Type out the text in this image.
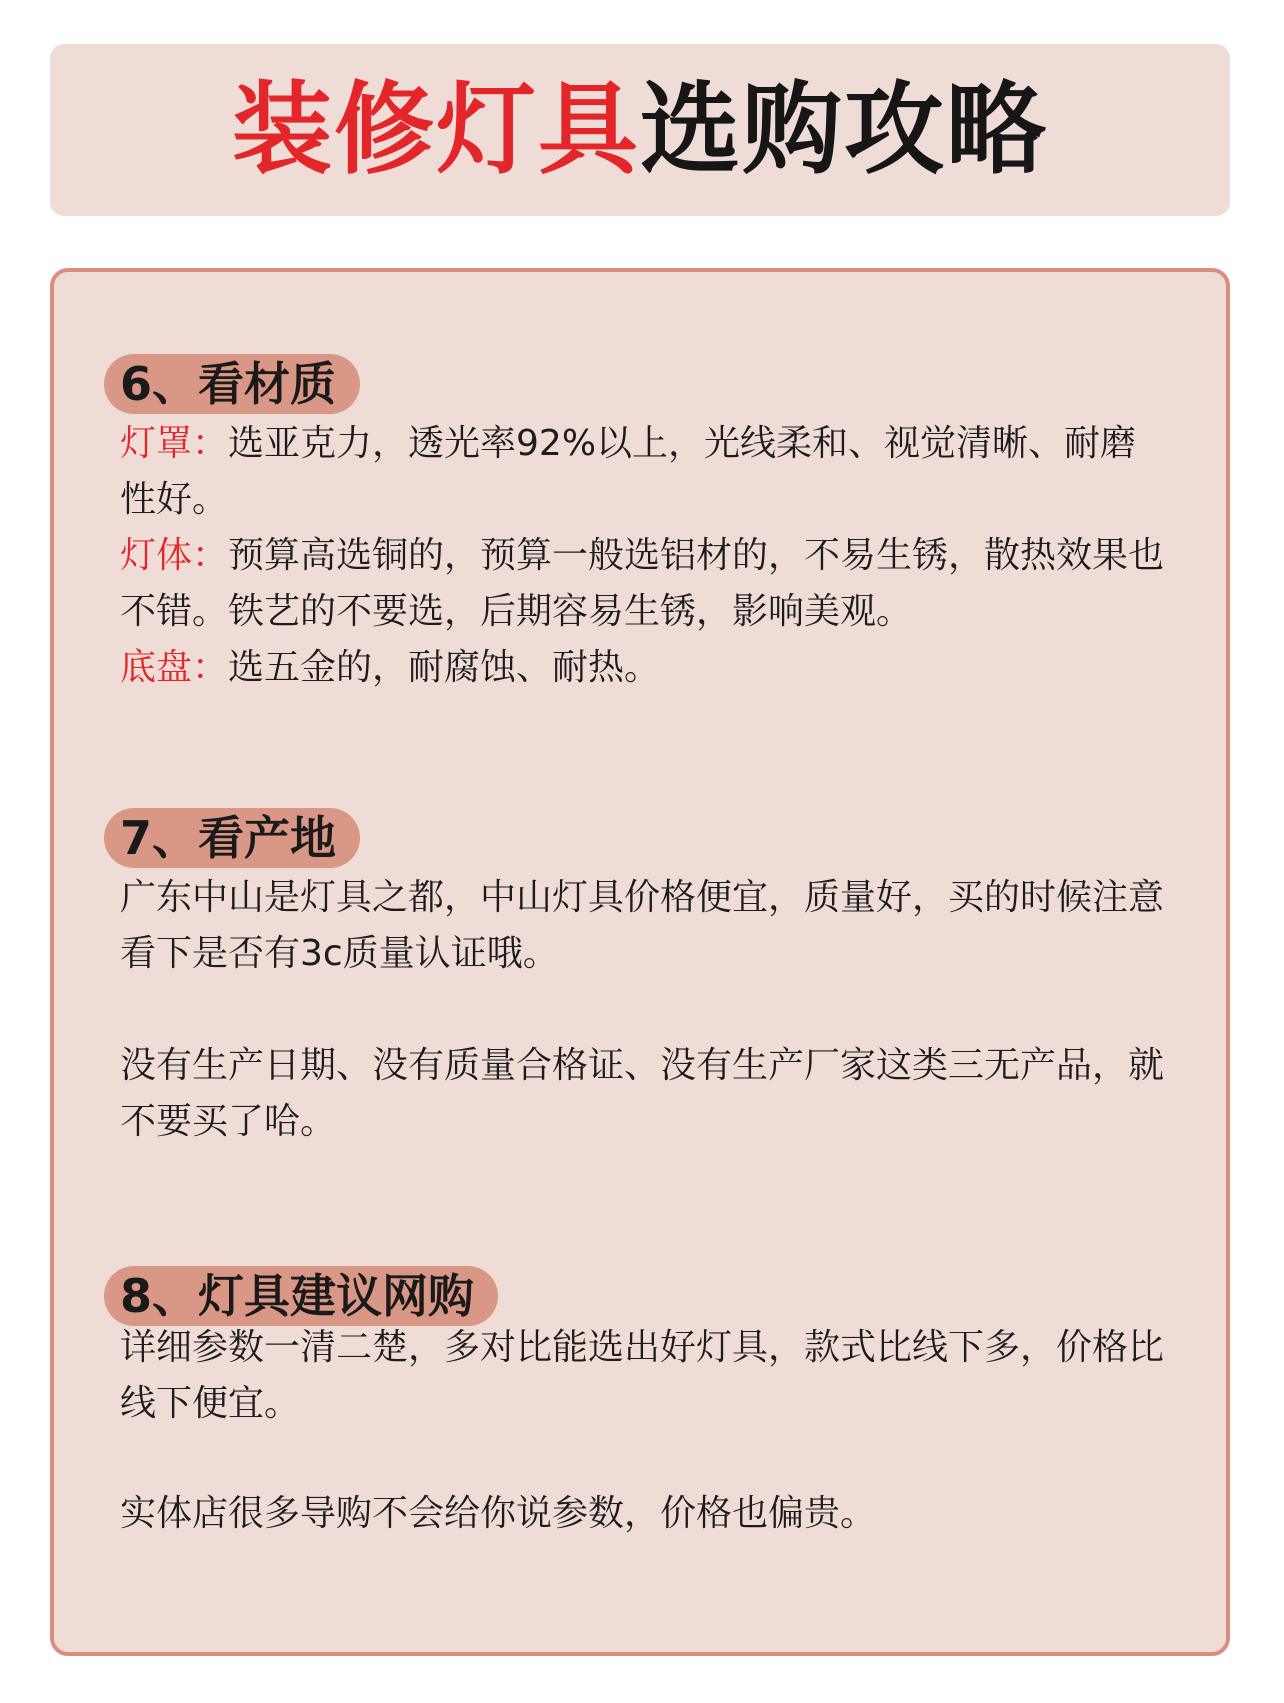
装修灯具选购攻略
6、看材质

灯罩：选亚克力，透光率92%以上，光线柔和、视觉清晰、耐磨性好。

灯体：预算高选铜的，预算一般选铝材的，不易生锈，散热效果也不错。铁艺的不要选，后期容易生锈，影响美观。

底盘：选五金的，耐腐蚀、耐热。

7、看产地

广东中山是灯具之都，中山灯具价格便宜，质量好，买的时候注意看下是否有3c质量认证哦。

没有生产日期、没有质量合格证、没有生产厂家这类三无产品，就不要买了哈。

8、灯具建议网购

详细参数一清二楚，多对比能选出好灯具，款式比线下多，价格比线下便宜。

实体店很多导购不会给你说参数，价格也偏贵。
